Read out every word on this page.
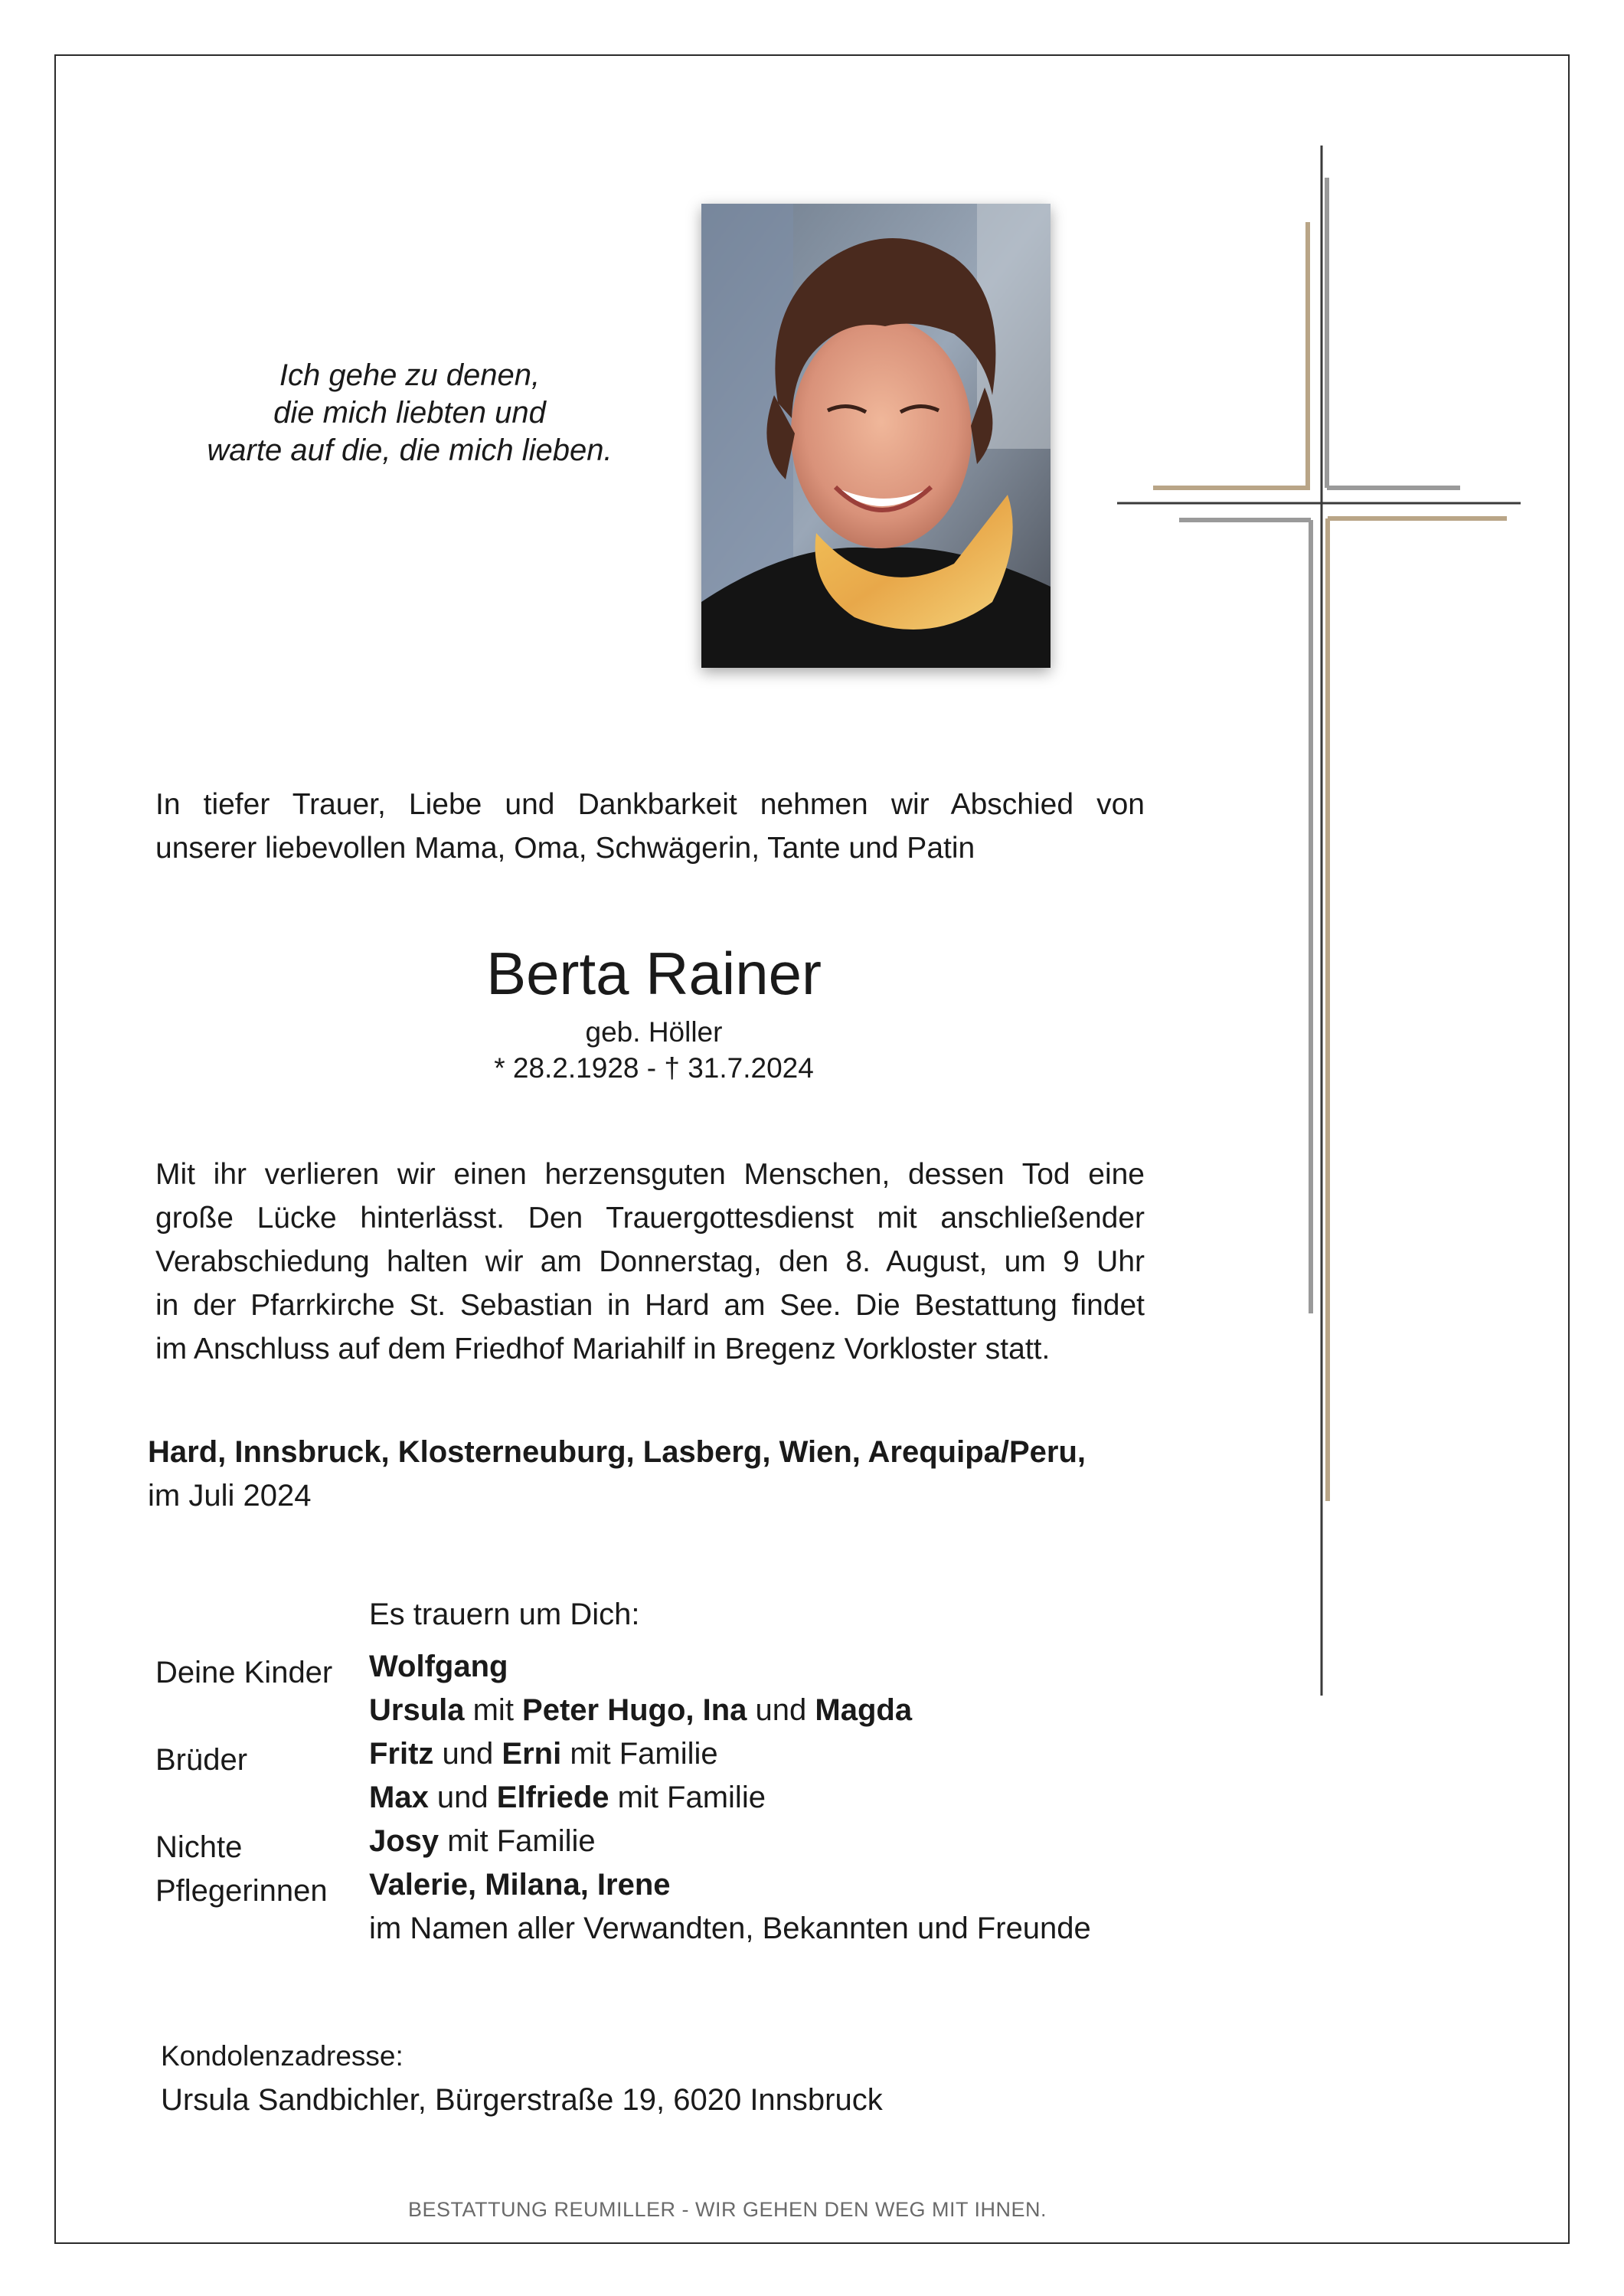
Ich gehe zu denen,
die mich liebten und
warte auf die, die mich lieben.
In tiefer Trauer, Liebe und Dankbarkeit nehmen wir Abschied von
unserer liebevollen Mama, Oma, Schwägerin, Tante und Patin
Berta Rainer
geb. Höller
* 28.2.1928 - † 31.7.2024
Mit ihr verlieren wir einen herzensguten Menschen, dessen Tod eine
große Lücke hinterlässt. Den Trauergottesdienst mit anschließender
Verabschiedung halten wir am Donnerstag, den 8. August, um 9 Uhr
in der Pfarrkirche St. Sebastian in Hard am See. Die Bestattung findet
im Anschluss auf dem Friedhof Mariahilf in Bregenz Vorkloster statt.
Hard, Innsbruck, Klosterneuburg, Lasberg, Wien, Arequipa/Peru,
im Juli 2024
Es trauern um Dich:
Deine Kinder Wolfgang
Ursula mit Peter Hugo, Ina und Magda
Brüder	Fritz und Erni mit Familie
Max und Elfriede mit Familie
Nichte	Josy mit Familie
Pflegerinnen Valerie, Milana, Irene
im Namen aller Verwandten, Bekannten und Freunde
Kondolenzadresse:
Ursula Sandbichler, Bürgerstraße 19, 6020 Innsbruck
BESTATTUNG REUMILLER - WIR GEHEN DEN WEG MIT IHNEN.
